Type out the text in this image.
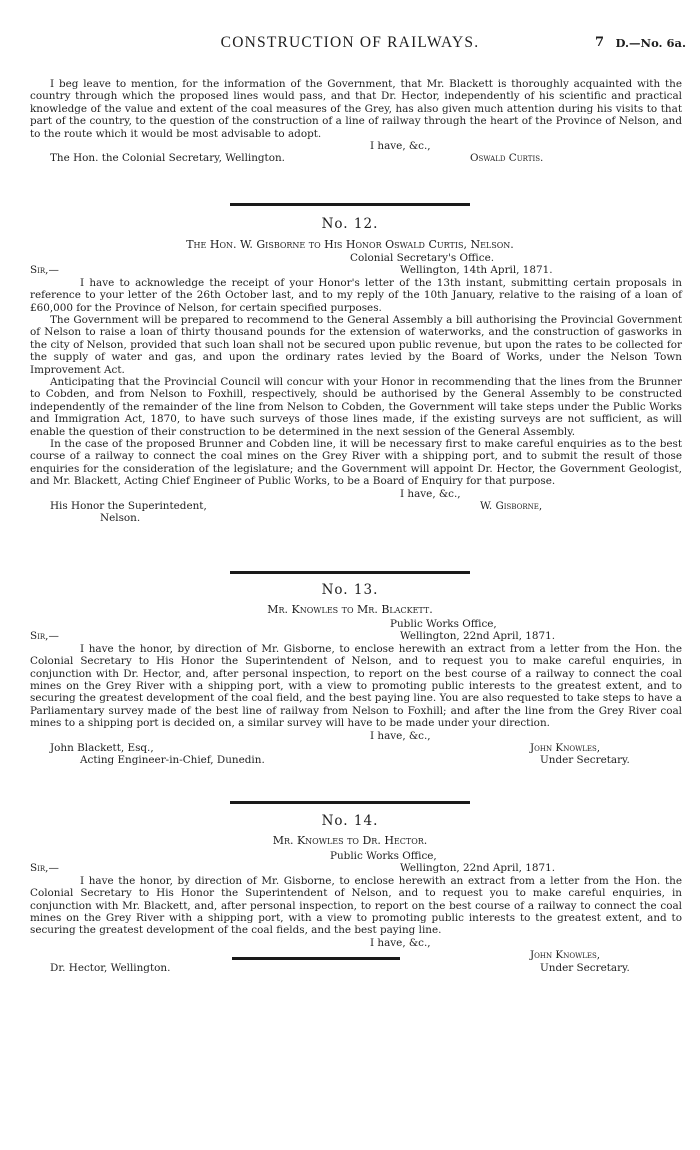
CONSTRUCTION OF RAILWAYS.	7 D.—No. 6a.

I beg leave to mention, for the information of the Government, that Mr. Blackett is thoroughly acquainted with the country through which the proposed lines would pass, and that Dr. Hector, independently of his scientific and practical knowledge of the value and extent of the coal measures of the Grey, has also given much attention during his visits to that part of the country, to the question of the construction of a line of railway through the heart of the Province of Nelson, and to the route which it would be most advisable to adopt.

I have, &c.,
The Hon. the Colonial Secretary, Wellington.	Oswald Curtis.
No. 12.
The Hon. W. Gisborne to His Honor Oswald Curtis, Nelson.
Colonial Secretary's Office.
Sir,—	Wellington, 14th April, 1871.

I have to acknowledge the receipt of your Honor's letter of the 13th instant, submitting certain proposals in reference to your letter of the 26th October last, and to my reply of the 10th January, relative to the raising of a loan of £60,000 for the Province of Nelson, for certain specified purposes.

The Government will be prepared to recommend to the General Assembly a bill authorising the Provincial Government of Nelson to raise a loan of thirty thousand pounds for the extension of waterworks, and the construction of gasworks in the city of Nelson, provided that such loan shall not be secured upon public revenue, but upon the rates to be collected for the supply of water and gas, and upon the ordinary rates levied by the Board of Works, under the Nelson Town Improvement Act.

Anticipating that the Provincial Council will concur with your Honor in recommending that the lines from the Brunner to Cobden, and from Nelson to Foxhill, respectively, should be authorised by the General Assembly to be constructed independently of the remainder of the line from Nelson to Cobden, the Government will take steps under the Public Works and Immigration Act, 1870, to have such surveys of those lines made, if the existing surveys are not sufficient, as will enable the question of their construction to be determined in the next session of the General Assembly.

In the case of the proposed Brunner and Cobden line, it will be necessary first to make careful enquiries as to the best course of a railway to connect the coal mines on the Grey River with a shipping port, and to submit the result of those enquiries for the consideration of the legislature; and the Government will appoint Dr. Hector, the Government Geologist, and Mr. Blackett, Acting Chief Engineer of Public Works, to be a Board of Enquiry for that purpose.

I have, &c.,
His Honor the Superintedent,	W. Gisborne,
Nelson.
No. 13.
Mr. Knowles to Mr. Blackett.
Public Works Office,
Sir,—	Wellington, 22nd April, 1871.

I have the honor, by direction of Mr. Gisborne, to enclose herewith an extract from a letter from the Hon. the Colonial Secretary to His Honor the Superintendent of Nelson, and to request you to make careful enquiries, in conjunction with Dr. Hector, and, after personal inspection, to report on the best course of a railway to connect the coal mines on the Grey River with a shipping port, with a view to promoting public interests to the greatest extent, and to securing the greatest development of the coal field, and the best paying line. You are also requested to take steps to have a Parliamentary survey made of the best line of railway from Nelson to Foxhill; and after the line from the Grey River coal mines to a shipping port is decided on, a similar survey will have to be made under your direction.

I have, &c.,
John Blackett, Esq.,	John Knowles,
Acting Engineer-in-Chief, Dunedin.	Under Secretary.
No. 14.
Mr. Knowles to Dr. Hector.
Public Works Office,
Sir,—	Wellington, 22nd April, 1871.

I have the honor, by direction of Mr. Gisborne, to enclose herewith an extract from a letter from the Hon. the Colonial Secretary to His Honor the Superintendent of Nelson, and to request you to make careful enquiries, in conjunction with Mr. Blackett, and, after personal inspection, to report on the best course of a railway to connect the coal mines on the Grey River with a shipping port, with a view to promoting public interests to the greatest extent, and to securing the greatest development of the coal fields, and the best paying line.

I have, &c.,
John Knowles,
Dr. Hector, Wellington.	Under Secretary.
